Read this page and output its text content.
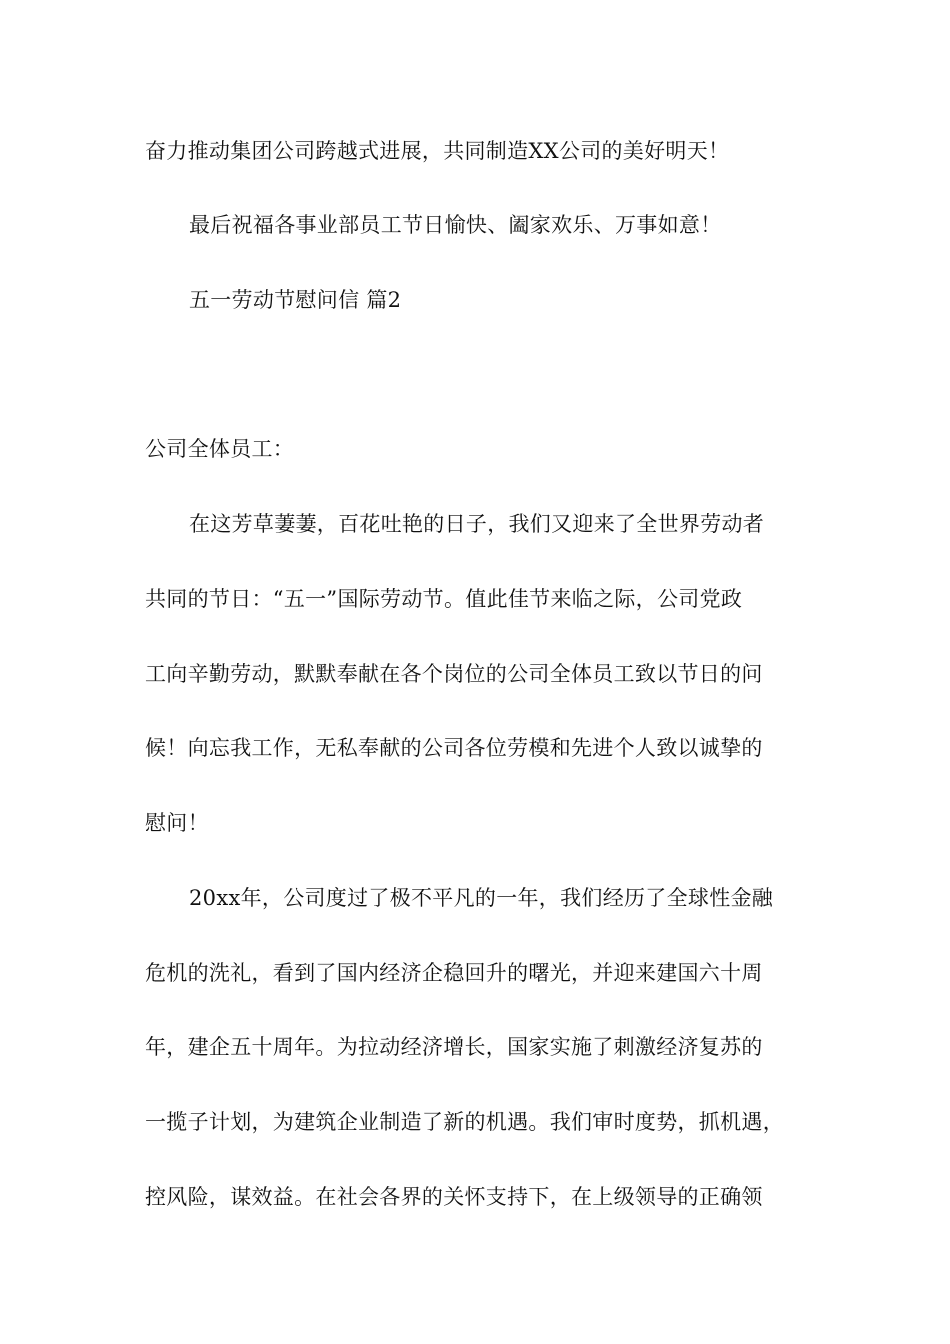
奋力推动集团公司跨越式进展，共同制造XX公司的美好明天！
最后祝福各事业部员工节日愉快、阖家欢乐、万事如意！
五一劳动节慰问信 篇2
公司全体员工：
在这芳草萋萋，百花吐艳的日子，我们又迎来了全世界劳动者
共同的节日：“五一”国际劳动节。值此佳节来临之际，公司党政
工向辛勤劳动，默默奉献在各个岗位的公司全体员工致以节日的问
候！向忘我工作，无私奉献的公司各位劳模和先进个人致以诚挚的
慰问！
20xx年，公司度过了极不平凡的一年，我们经历了全球性金融
危机的洗礼，看到了国内经济企稳回升的曙光，并迎来建国六十周
年，建企五十周年。为拉动经济增长，国家实施了刺激经济复苏的
一揽子计划，为建筑企业制造了新的机遇。我们审时度势，抓机遇，
控风险，谋效益。在社会各界的关怀支持下，在上级领导的正确领
